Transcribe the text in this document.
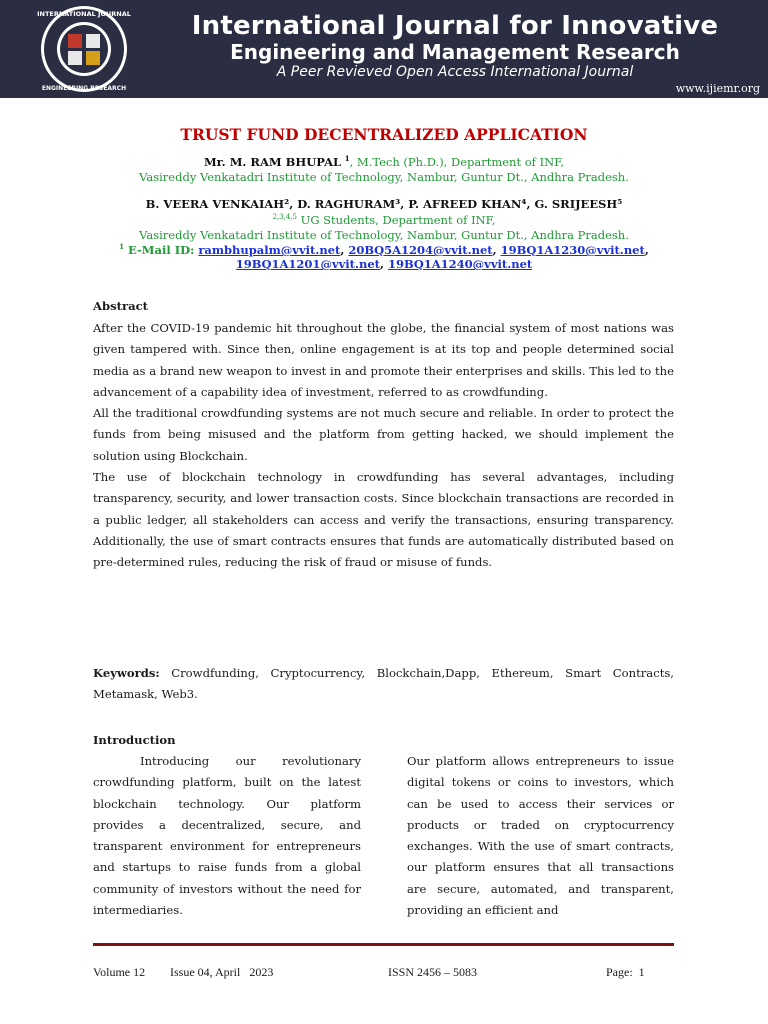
INTERNATIONAL JOURNAL
ENGINEERING RESEARCH
International Journal for Innovative
Engineering and Management Research
A Peer Revieved Open Access International Journal
www.ijiemr.org
TRUST FUND DECENTRALIZED APPLICATION
Mr. M. RAM BHUPAL $^1$, M.Tech (Ph.D.), Department of INF,
Vasireddy Venkatadri Institute of Technology, Nambur, Guntur Dt., Andhra Pradesh.
B. VEERA VENKAIAH², D. RAGHURAM³, P. AFREED KHAN⁴, G. SRIJEESH⁵
$^{2,3,4,5}$ UG Students, Department of INF,
Vasireddy Venkatadri Institute of Technology, Nambur, Guntur Dt., Andhra Pradesh.
$^1$ E-Mail ID: rambhupalm@vvit.net, 20BQ5A1204@vvit.net, 19BQ1A1230@vvit.net,
19BQ1A1201@vvit.net, 19BQ1A1240@vvit.net
Abstract

After the COVID-19 pandemic hit throughout the globe, the financial system of most nations was given tampered with. Since then, online engagement is at its top and people determined social media as a brand new weapon to invest in and promote their enterprises and skills. This led to the advancement of a capability idea of investment, referred to as crowdfunding.

All the traditional crowdfunding systems are not much secure and reliable. In order to protect the funds from being misused and the platform from getting hacked, we should implement the solution using Blockchain.

The use of blockchain technology in crowdfunding has several advantages, including transparency, security, and lower transaction costs. Since blockchain transactions are recorded in a public ledger, all stakeholders can access and verify the transactions, ensuring transparency. Additionally, the use of smart contracts ensures that funds are automatically distributed based on pre-determined rules, reducing the risk of fraud or misuse of funds.

Keywords: Crowdfunding, Cryptocurrency, Blockchain,Dapp, Ethereum, Smart Contracts, Metamask, Web3.

Introduction

Introducing our revolutionary crowdfunding platform, built on the latest blockchain technology. Our platform provides a decentralized, secure, and transparent environment for entrepreneurs and startups to raise funds from a global community of investors without the need for intermediaries.

Our platform allows entrepreneurs to issue digital tokens or coins to investors, which can be used to access their services or products or traded on cryptocurrency exchanges. With the use of smart contracts, our platform ensures that all transactions are secure, automated, and transparent, providing an efficient and

Volume 12 Issue 04, April   2023	ISSN 2456 – 5083	Page:  1
